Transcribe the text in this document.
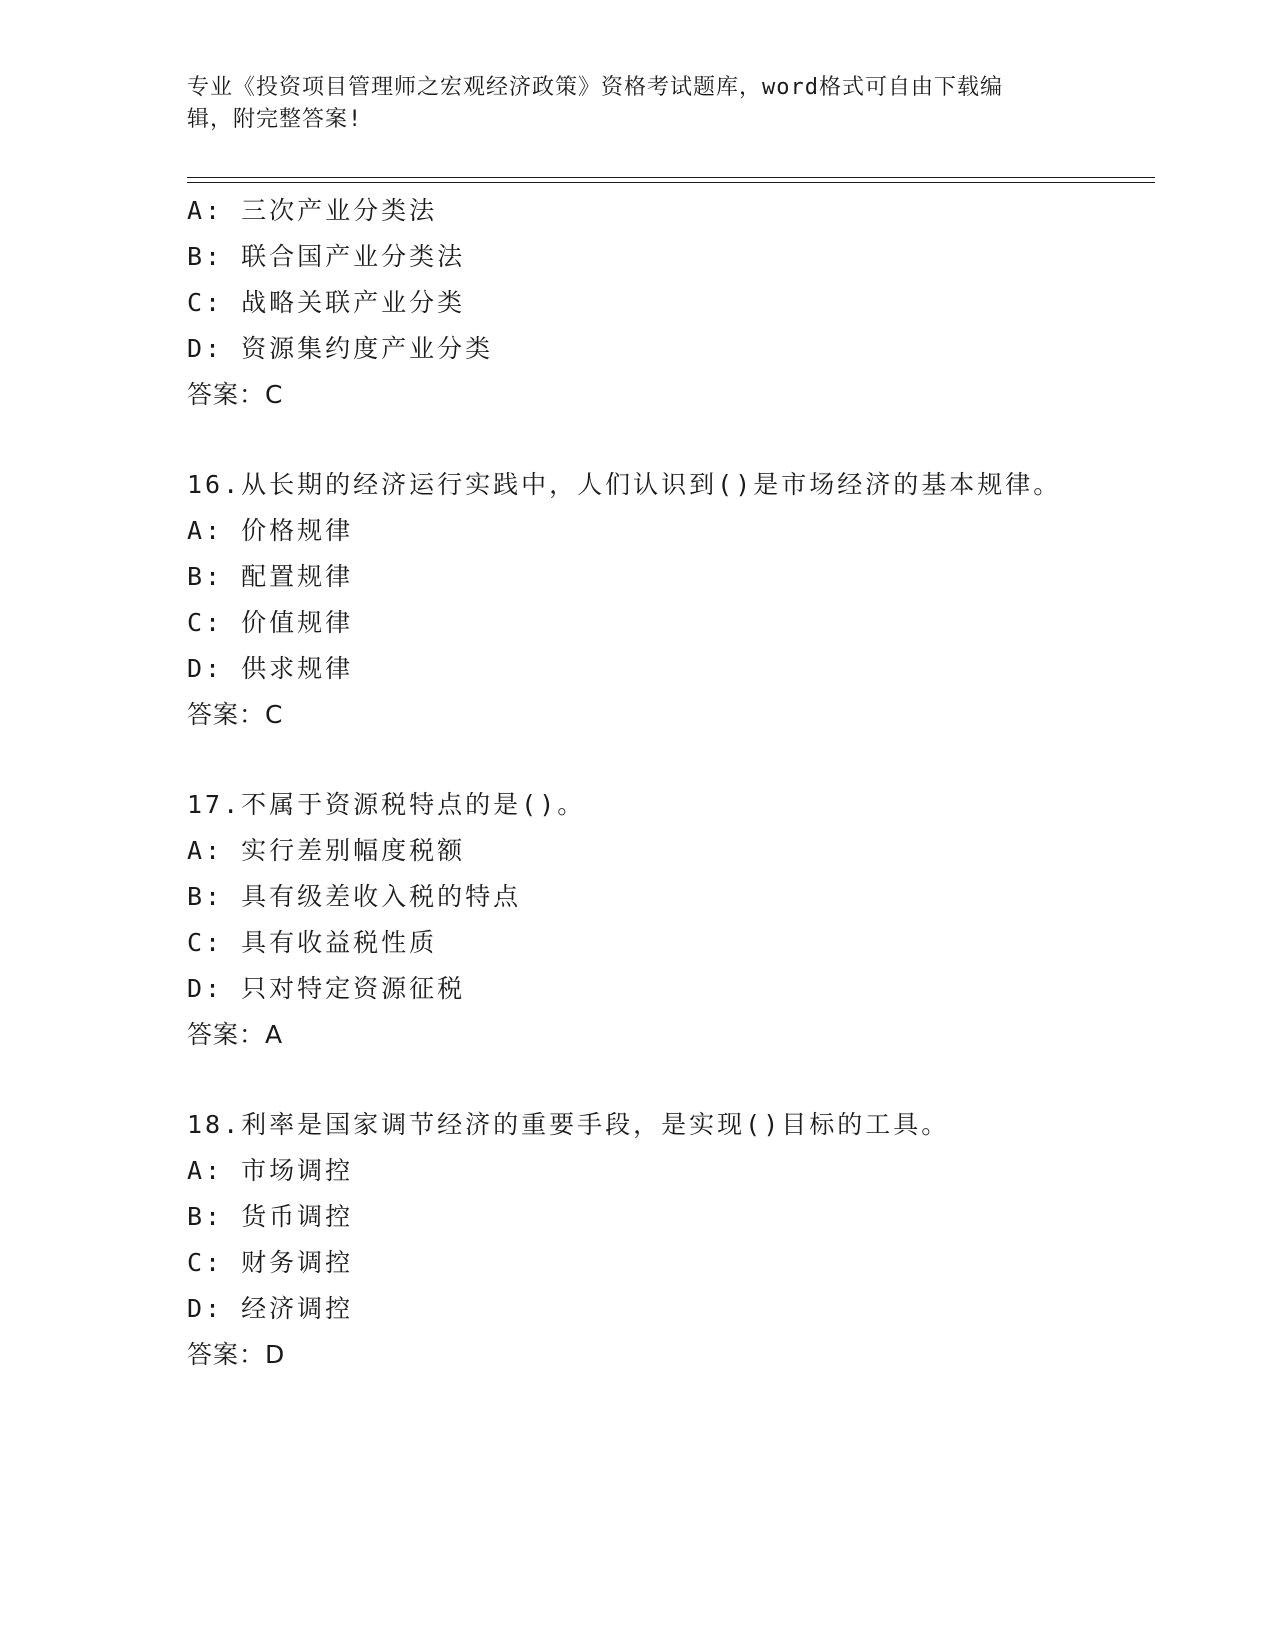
专业《投资项目管理师之宏观经济政策》资格考试题库，word格式可自由下载编
辑，附完整答案!
A: 三次产业分类法
B: 联合国产业分类法
C: 战略关联产业分类
D: 资源集约度产业分类
答案：C
16.从长期的经济运行实践中，人们认识到()是市场经济的基本规律。
A: 价格规律
B: 配置规律
C: 价值规律
D: 供求规律
答案：C
17.不属于资源税特点的是()。
A: 实行差别幅度税额
B: 具有级差收入税的特点
C: 具有收益税性质
D: 只对特定资源征税
答案：A
18.利率是国家调节经济的重要手段，是实现()目标的工具。
A: 市场调控
B: 货币调控
C: 财务调控
D: 经济调控
答案：D
